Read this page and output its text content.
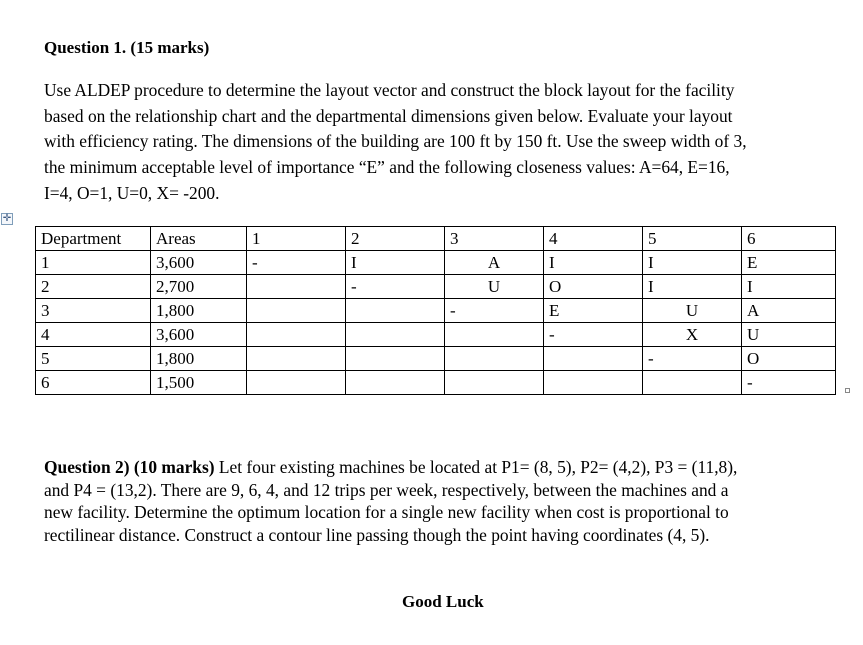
Question 1. (15 marks)

Use ALDEP procedure to determine the layout vector and construct the block layout for the facility
based on the relationship chart and the departmental dimensions given below. Evaluate your layout
with efficiency rating. The dimensions of the building are 100 ft by 150 ft. Use the sweep width of 3,
the minimum acceptable level of importance “E” and the following closeness values: A=64, E=16,
I=4, O=1, U=0, X= -200.

✛
Department	Areas	1	2	3	4	5	6
1	3,600	-	I	A	I	I	E
2	2,700		-	U	O	I	I
3	1,800			-	E	U	A
4	3,600				-	X	U
5	1,800					-	O
6	1,500						-

Question 2) (10 marks) Let four existing machines be located at P1= (8, 5), P2= (4,2), P3 = (11,8),
and P4 = (13,2). There are 9, 6, 4, and 12 trips per week, respectively, between the machines and a
new facility. Determine the optimum location for a single new facility when cost is proportional to
rectilinear distance. Construct a contour line passing though the point having coordinates (4, 5).

Good Luck
